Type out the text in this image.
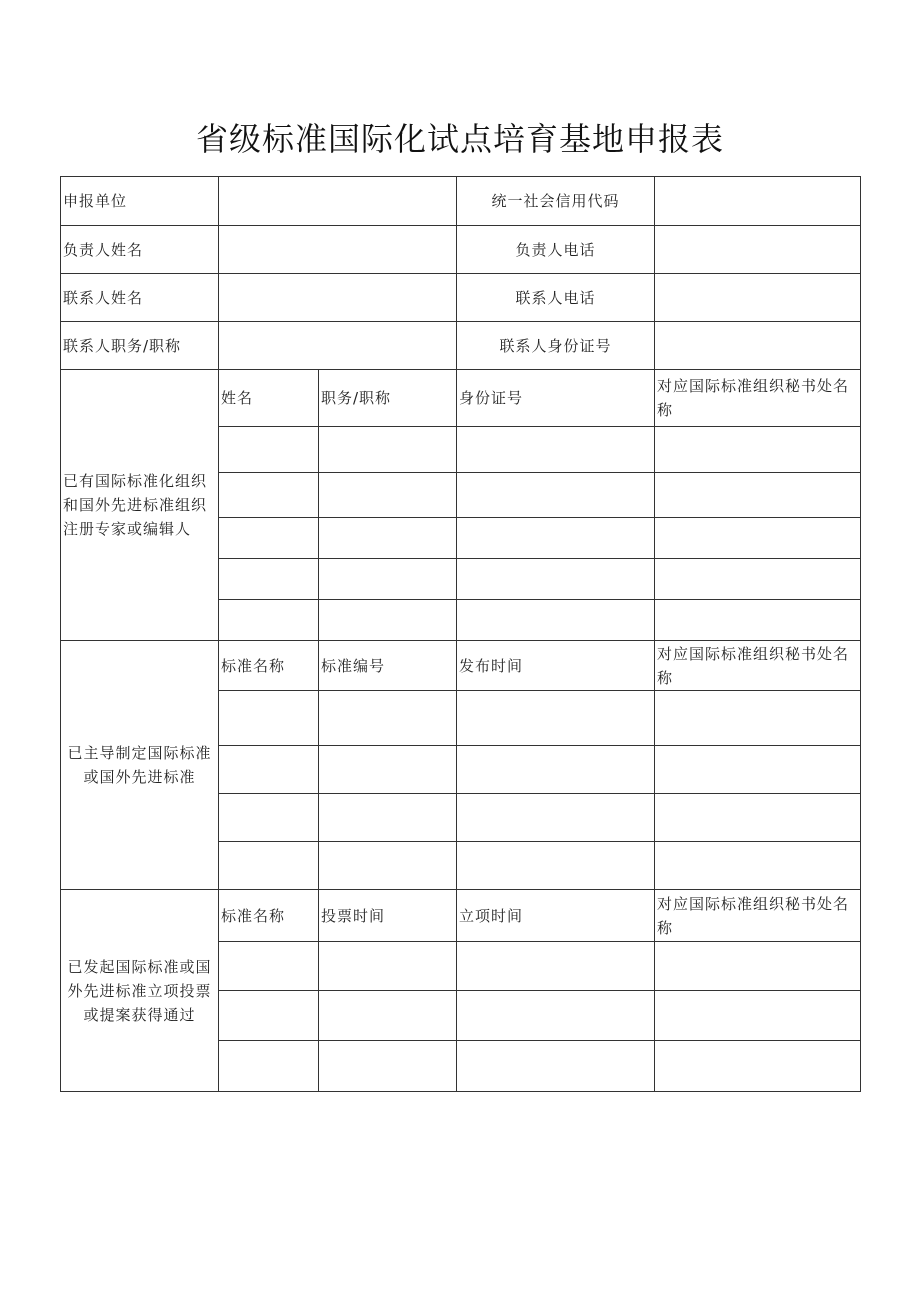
省级标准国际化试点培育基地申报表
申报单位			统一社会信用代码	
负责人姓名			负责人电话	
联系人姓名			联系人电话	
联系人职务/职称			联系人身份证号	
已有国际标准化组织和国外先进标准组织注册专家或编辑人	姓名	职务/职称	身份证号	对应国际标准组织秘书处名称

已主导制定国际标准或国外先进标准	标准名称	标准编号	发布时间	对应国际标准组织秘书处名称

已发起国际标准或国外先进标准立项投票或提案获得通过	标准名称	投票时间	立项时间	对应国际标准组织秘书处名称
